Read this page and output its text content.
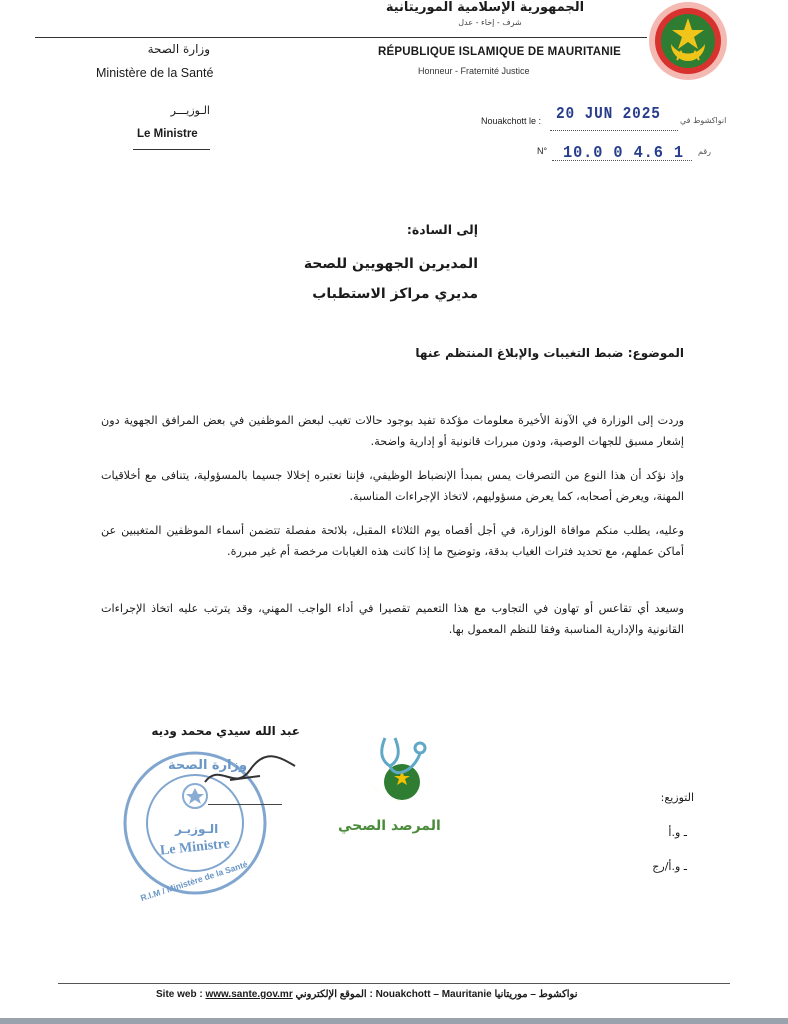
الجمهورية الإسلامية الموريتانية
شرف - إخاء - عدل
RÉPUBLIQUE ISLAMIQUE DE MAURITANIE
Honneur - Fraternité Justice
وزارة الصحة
Ministère de la Santé
الـوزيـــر
Le Ministre
Nouakchott le : 20 JUN 2025 انواكشوط في
N° 10.0 0 4.6 1 رقم
إلى السادة:
المديرين الجهويين للصحة
مديري مراكز الاستطباب
الموضوع: ضبط التغيبات والإبلاغ المنتظم عنها
وردت إلى الوزارة في الآونة الأخيرة معلومات مؤكدة تفيد بوجود حالات تغيب لبعض الموظفين في بعض المرافق الجهوية دون إشعار مسبق للجهات الوصية، ودون مبررات قانونية أو إدارية واضحة.
وإذ نؤكد أن هذا النوع من التصرفات يمس بمبدأ الإنضباط الوظيفي، فإننا نعتبره إخلالا جسيما بالمسؤولية، يتنافى مع أخلاقيات المهنة، ويعرض أصحابه، كما يعرض مسؤوليهم، لاتخاذ الإجراءات المناسبة.
وعليه، يطلب منكم موافاة الوزارة، في أجل أقصاه يوم الثلاثاء المقبل، بلائحة مفصلة تتضمن أسماء الموظفين المتغيبين عن أماكن عملهم، مع تحديد فترات الغياب بدقة، وتوضيح ما إذا كانت هذه الغيابات مرخصة أم غير مبررة.
وسيعد أي تقاعس أو تهاون في التجاوب مع هذا التعميم تقصيرا في أداء الواجب المهني، وقد يترتب عليه اتخاذ الإجراءات القانونية والإدارية المناسبة وفقا للنظم المعمول بها.
عبد الله سيدي محمد وديه
وزارة الصحة
الـوزيـر
Le Ministre
R.I.M / Ministère de la Santé
المرصد الصحي
التوزيع:
ـ و.أ
ـ و.أ/رج
Site web : www.sante.gov.mr الموقع الإلكتروني : Nouakchott – Mauritanie نواكشوط – موريتانيا
